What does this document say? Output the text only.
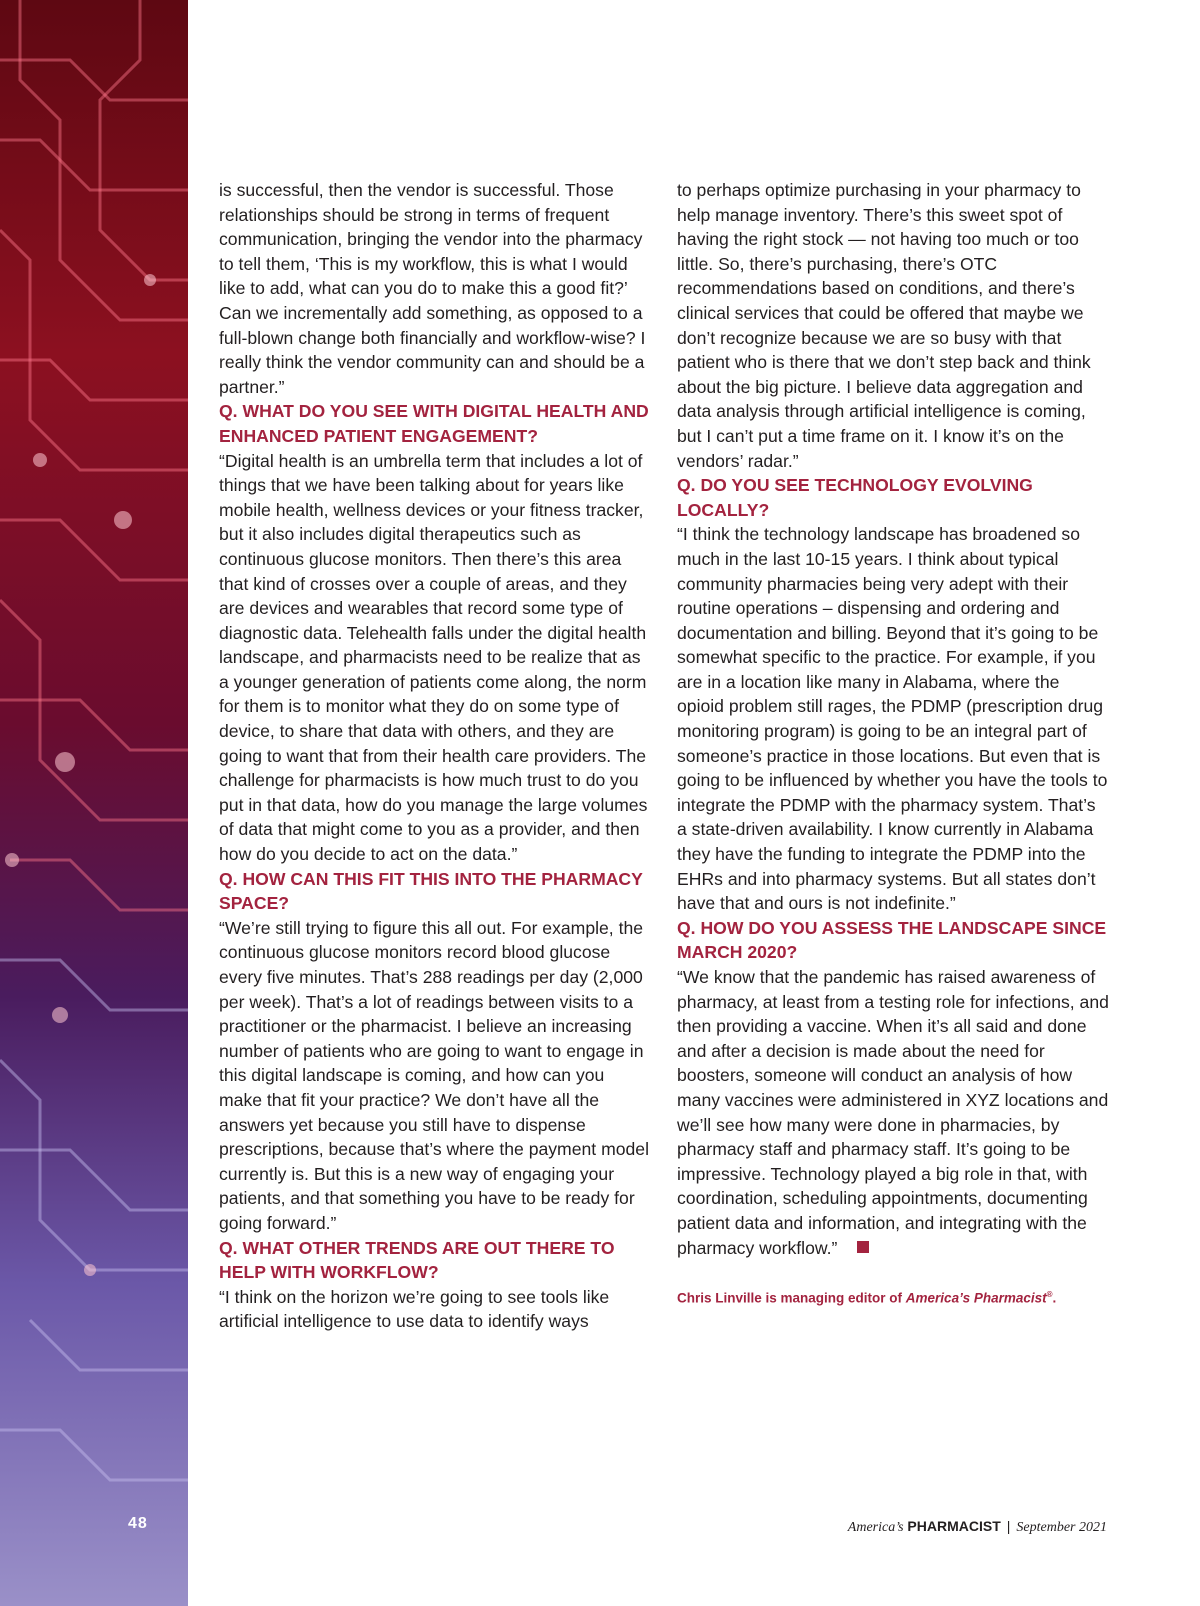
48

is successful, then the vendor is successful. Those relationships should be strong in terms of frequent communication, bringing the vendor into the pharmacy to tell them, ‘This is my workflow, this is what I would like to add, what can you do to make this a good fit?’ Can we incrementally add something, as opposed to a full-blown change both financially and workflow-wise? I really think the vendor community can and should be a partner.”

Q. WHAT DO YOU SEE WITH DIGITAL HEALTH AND ENHANCED PATIENT ENGAGEMENT?

“Digital health is an umbrella term that includes a lot of things that we have been talking about for years like mobile health, wellness devices or your fitness tracker, but it also includes digital therapeutics such as continuous glucose monitors. Then there’s this area that kind of crosses over a couple of areas, and they are devices and wearables that record some type of diagnostic data. Telehealth falls under the digital health landscape, and pharmacists need to be realize that as a younger generation of patients come along, the norm for them is to monitor what they do on some type of device, to share that data with others, and they are going to want that from their health care providers. The challenge for pharmacists is how much trust to do you put in that data, how do you manage the large volumes of data that might come to you as a provider, and then how do you decide to act on the data.”

Q. HOW CAN THIS FIT THIS INTO THE PHARMACY SPACE?

“We’re still trying to figure this all out. For example, the continuous glucose monitors record blood glucose every five minutes. That’s 288 readings per day (2,000 per week). That’s a lot of readings between visits to a practitioner or the pharmacist. I believe an increasing number of patients who are going to want to engage in this digital landscape is coming, and how can you make that fit your practice? We don’t have all the answers yet because you still have to dispense prescriptions, because that’s where the payment model currently is. But this is a new way of engaging your patients, and that something you have to be ready for going forward.”

Q. WHAT OTHER TRENDS ARE OUT THERE TO HELP WITH WORKFLOW?

“I think on the horizon we’re going to see tools like artificial intelligence to use data to identify ways

to perhaps optimize purchasing in your pharmacy to help manage inventory. There’s this sweet spot of having the right stock — not having too much or too little. So, there’s purchasing, there’s OTC recommendations based on conditions, and there’s clinical services that could be offered that maybe we don’t recognize because we are so busy with that patient who is there that we don’t step back and think about the big picture. I believe data aggregation and data analysis through artificial intelligence is coming, but I can’t put a time frame on it. I know it’s on the vendors’ radar.”

Q. DO YOU SEE TECHNOLOGY EVOLVING LOCALLY?

“I think the technology landscape has broadened so much in the last 10-15 years. I think about typical community pharmacies being very adept with their routine operations – dispensing and ordering and documentation and billing. Beyond that it’s going to be somewhat specific to the practice. For example, if you are in a location like many in Alabama, where the opioid problem still rages, the PDMP (prescription drug monitoring program) is going to be an integral part of someone’s practice in those locations. But even that is going to be influenced by whether you have the tools to integrate the PDMP with the pharmacy system. That’s a state-driven availability. I know currently in Alabama they have the funding to integrate the PDMP into the EHRs and into pharmacy systems. But all states don’t have that and ours is not indefinite.”

Q. HOW DO YOU ASSESS THE LANDSCAPE SINCE MARCH 2020?

“We know that the pandemic has raised awareness of pharmacy, at least from a testing role for infections, and then providing a vaccine. When it’s all said and done and after a decision is made about the need for boosters, someone will conduct an analysis of how many vaccines were administered in XYZ locations and we’ll see how many were done in pharmacies, by pharmacy staff and pharmacy staff. It’s going to be impressive. Technology played a big role in that, with coordination, scheduling appointments, documenting patient data and information, and integrating with the pharmacy workflow.”

Chris Linville is managing editor of America’s Pharmacist®.

America’s PHARMACIST | September 2021
